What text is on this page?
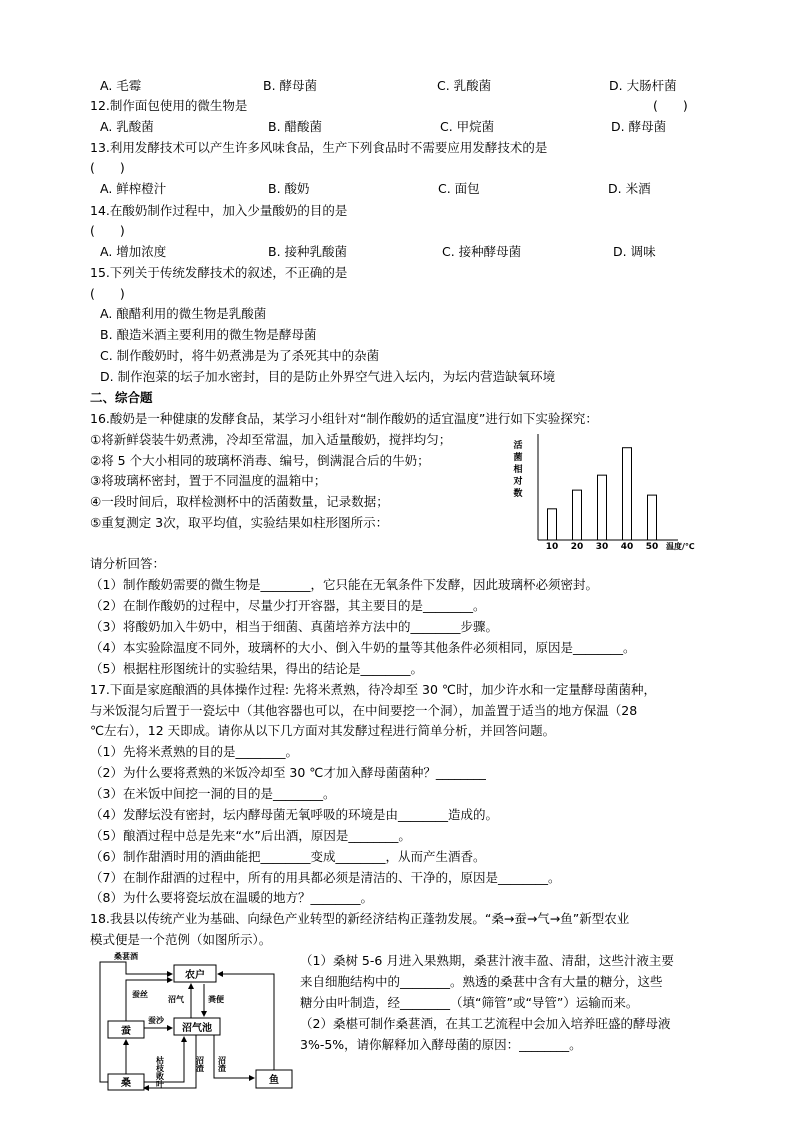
A. 毛霉	B. 酵母菌	C. 乳酸菌	D. 大肠杆菌
12.制作面包使用的微生物是	(　　)
A. 乳酸菌	B. 醋酸菌	C. 甲烷菌	D. 酵母菌
13.利用发酵技术可以产生许多风味食品，生产下列食品时不需要应用发酵技术的是
(　　)
A. 鲜榨橙汁	B. 酸奶	C. 面包	D. 米酒
14.在酸奶制作过程中，加入少量酸奶的目的是
(　　)
A. 增加浓度	B. 接种乳酸菌	C. 接种酵母菌	D. 调味
15.下列关于传统发酵技术的叙述，不正确的是
(　　)
A. 酿醋利用的微生物是乳酸菌
B. 酿造米酒主要利用的微生物是酵母菌
C. 制作酸奶时，将牛奶煮沸是为了杀死其中的杂菌
D. 制作泡菜的坛子加水密封，目的是防止外界空气进入坛内，为坛内营造缺氧环境
二、综合题
16.酸奶是一种健康的发酵食品，某学习小组针对“制作酸奶的适宜温度”进行如下实验探究：
①将新鲜袋装牛奶煮沸，冷却至常温，加入适量酸奶，搅拌均匀；
②将 5 个大小相同的玻璃杯消毒、编号，倒满混合后的牛奶；
③将玻璃杯密封，置于不同温度的温箱中；
④一段时间后，取样检测杯中的活菌数量，记录数据；
⑤重复测定 3次，取平均值，实验结果如柱形图所示：
活
菌
相
对
数
10 20 30 40 50 温度/℃
请分析回答：
（1）制作酸奶需要的微生物是________，它只能在无氧条件下发酵，因此玻璃杯必须密封。
（2）在制作酸奶的过程中，尽量少打开容器，其主要目的是________。
（3）将酸奶加入牛奶中，相当于细菌、真菌培养方法中的________步骤。
（4）本实验除温度不同外，玻璃杯的大小、倒入牛奶的量等其他条件必须相同，原因是________。
（5）根据柱形图统计的实验结果，得出的结论是________。
17.下面是家庭酿酒的具体操作过程: 先将米煮熟，待冷却至 30 ℃时，加少许水和一定量酵母菌菌种，
与米饭混匀后置于一瓷坛中（其他容器也可以，在中间要挖一个洞），加盖置于适当的地方保温（28
℃左右），12 天即成。请你从以下几方面对其发酵过程进行简单分析，并回答问题。
（1）先将米煮熟的目的是________。
（2）为什么要将煮熟的米饭冷却至 30 ℃才加入酵母菌菌种？________
（3）在米饭中间挖一洞的目的是________。
（4）发酵坛没有密封，坛内酵母菌无氧呼吸的环境是由________造成的。
（5）酿酒过程中总是先来“水”后出酒，原因是________。
（6）制作甜酒时用的酒曲能把________变成________，从而产生酒香。
（7）在制作甜酒的过程中，所有的用具都必须是清洁的、干净的，原因是________。
（8）为什么要将瓷坛放在温暖的地方？________。
18.我县以传统产业为基础、向绿色产业转型的新经济结构正蓬勃发展。“桑→蚕→气→鱼”新型农业
模式便是一个范例（如图所示）。
农户
沼气池
蚕
桑	鱼
桑葚酒
蚕丝
沼气	粪便
蚕沙
枯枝败叶	沼渣 沼渣
（1）桑树 5-6 月进入果熟期，桑葚汁液丰盈、清甜，这些汁液主要
来自细胞结构中的________。熟透的桑葚中含有大量的糖分，这些
糖分由叶制造，经________（填“筛管”或“导管”）运输而来。
（2）桑椹可制作桑葚酒，在其工艺流程中会加入培养旺盛的酵母液
3%-5%，请你解释加入酵母菌的原因：________。
